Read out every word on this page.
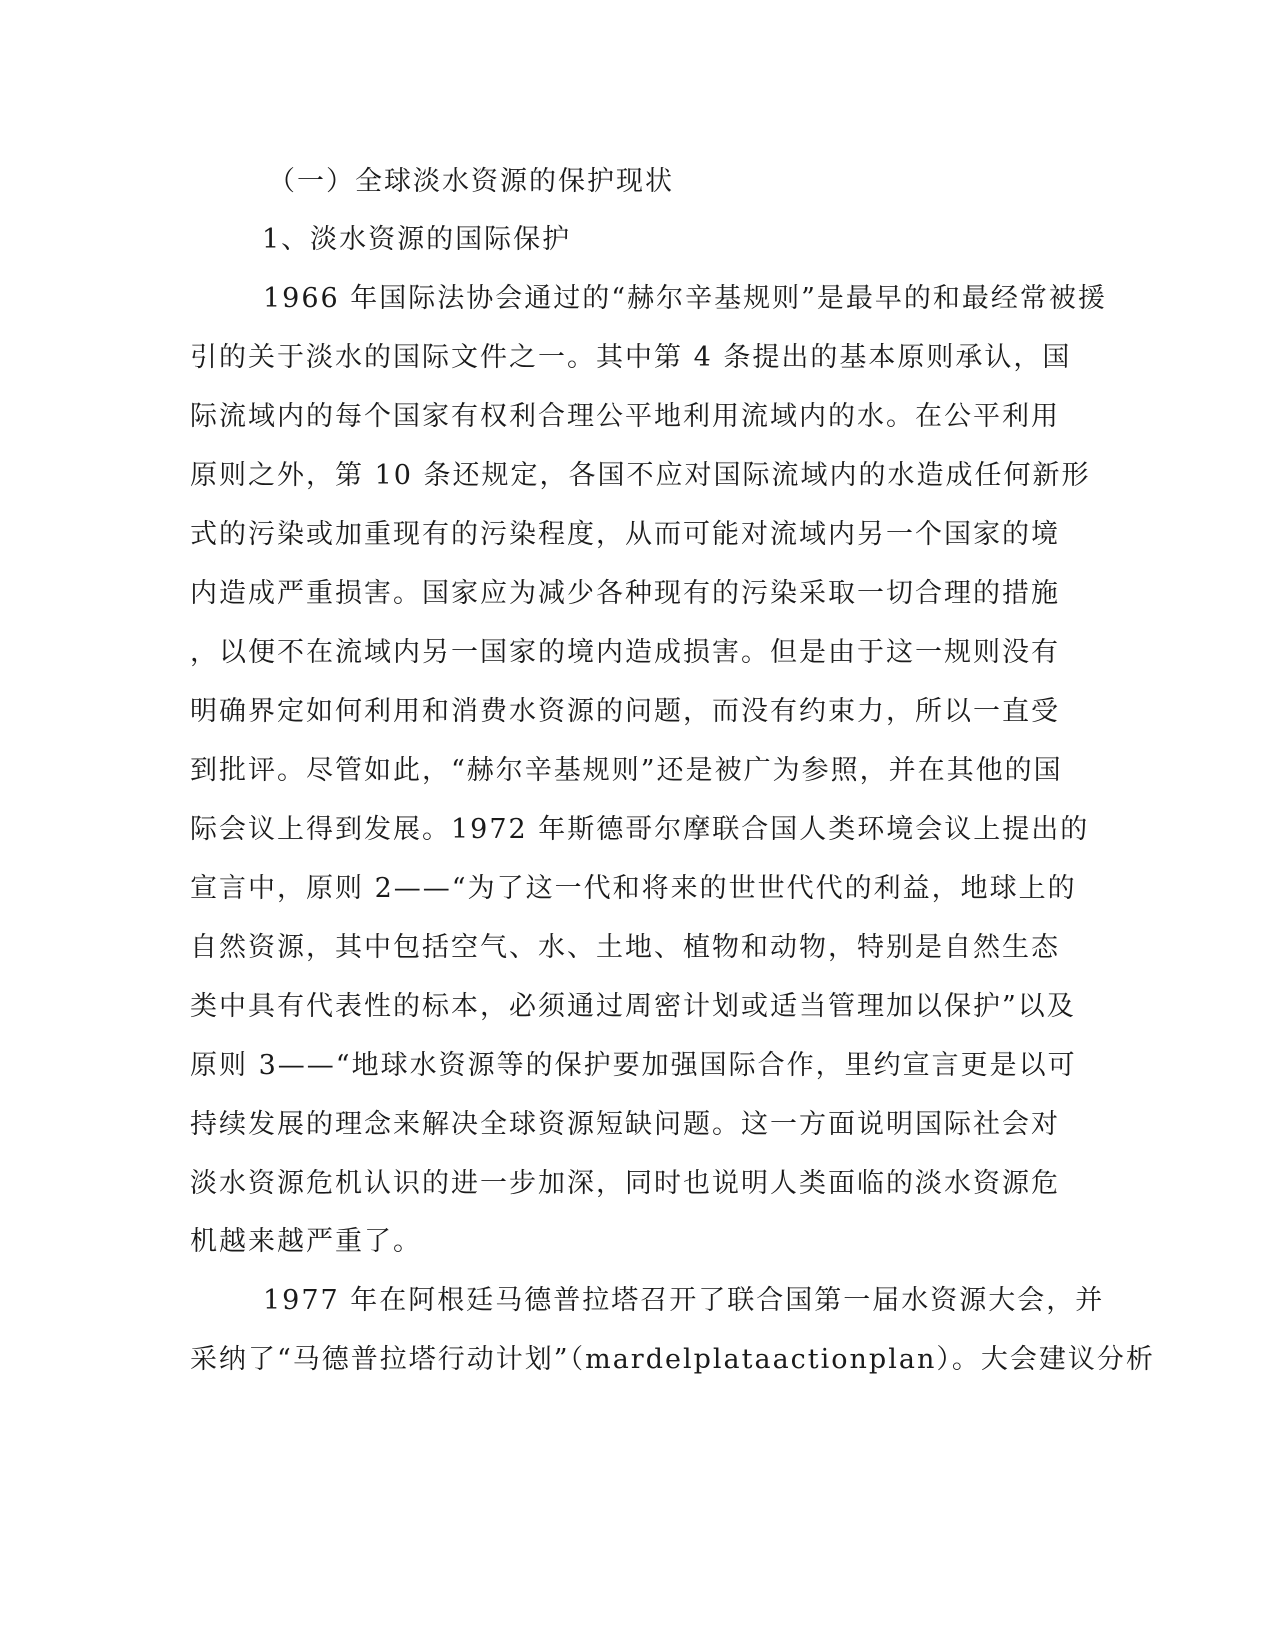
（一）全球淡水资源的保护现状

1、淡水资源的国际保护

1966 年国际法协会通过的“赫尔辛基规则”是最早的和最经常被援

引的关于淡水的国际文件之一。其中第 4 条提出的基本原则承认，国

际流域内的每个国家有权利合理公平地利用流域内的水。在公平利用

原则之外，第 10 条还规定，各国不应对国际流域内的水造成任何新形

式的污染或加重现有的污染程度，从而可能对流域内另一个国家的境

内造成严重损害。国家应为减少各种现有的污染采取一切合理的措施

，以便不在流域内另一国家的境内造成损害。但是由于这一规则没有

明确界定如何利用和消费水资源的问题，而没有约束力，所以一直受

到批评。尽管如此，“赫尔辛基规则”还是被广为参照，并在其他的国

际会议上得到发展。1972 年斯德哥尔摩联合国人类环境会议上提出的

宣言中，原则 2——“为了这一代和将来的世世代代的利益，地球上的

自然资源，其中包括空气、水、土地、植物和动物，特别是自然生态

类中具有代表性的标本，必须通过周密计划或适当管理加以保护”以及

原则 3——“地球水资源等的保护要加强国际合作，里约宣言更是以可

持续发展的理念来解决全球资源短缺问题。这一方面说明国际社会对

淡水资源危机认识的进一步加深，同时也说明人类面临的淡水资源危

机越来越严重了。

1977 年在阿根廷马德普拉塔召开了联合国第一届水资源大会，并

采纳了“马德普拉塔行动计划”（mardelplataactionplan）。大会建议分析
